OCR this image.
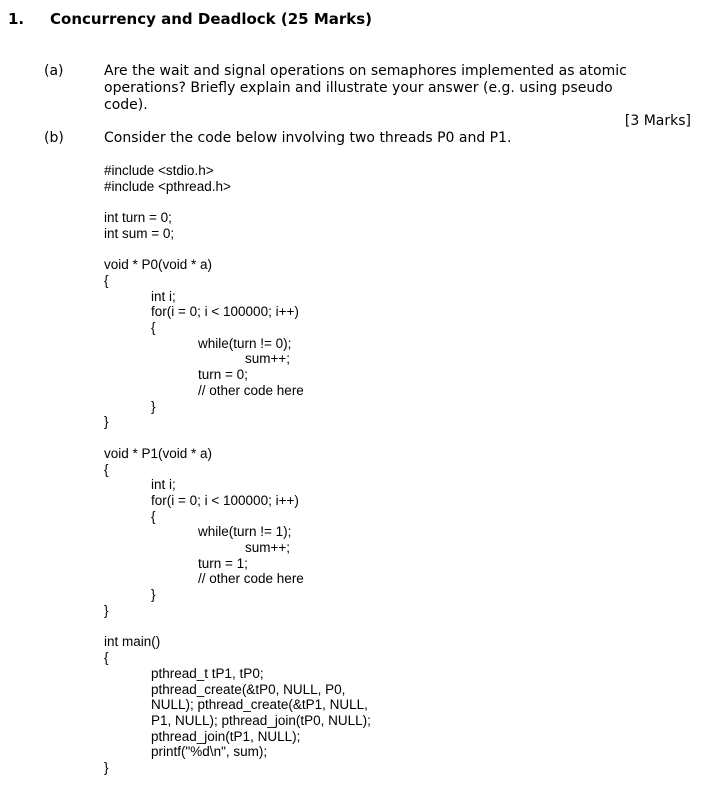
1. Concurrency and Deadlock (25 Marks)
(a)	Are the wait and signal operations on semaphores implemented as atomic
operations? Briefly explain and illustrate your answer (e.g. using pseudo
code).
[3 Marks]
(b)	Consider the code below involving two threads P0 and P1.
#include <stdio.h>
#include <pthread.h>
int turn = 0;
int sum = 0;
void * P0(void * a)
{
int i;
for(i = 0; i < 100000; i++)
{
while(turn != 0);
sum++;
turn = 0;
// other code here
}
}
void * P1(void * a)
{
int i;
for(i = 0; i < 100000; i++)
{
while(turn != 1);
sum++;
turn = 1;
// other code here
}
}
int main()
{
pthread_t tP1, tP0;
pthread_create(&tP0, NULL, P0,
NULL); pthread_create(&tP1, NULL,
P1, NULL); pthread_join(tP0, NULL);
pthread_join(tP1, NULL);
printf("%d\n", sum);
}
